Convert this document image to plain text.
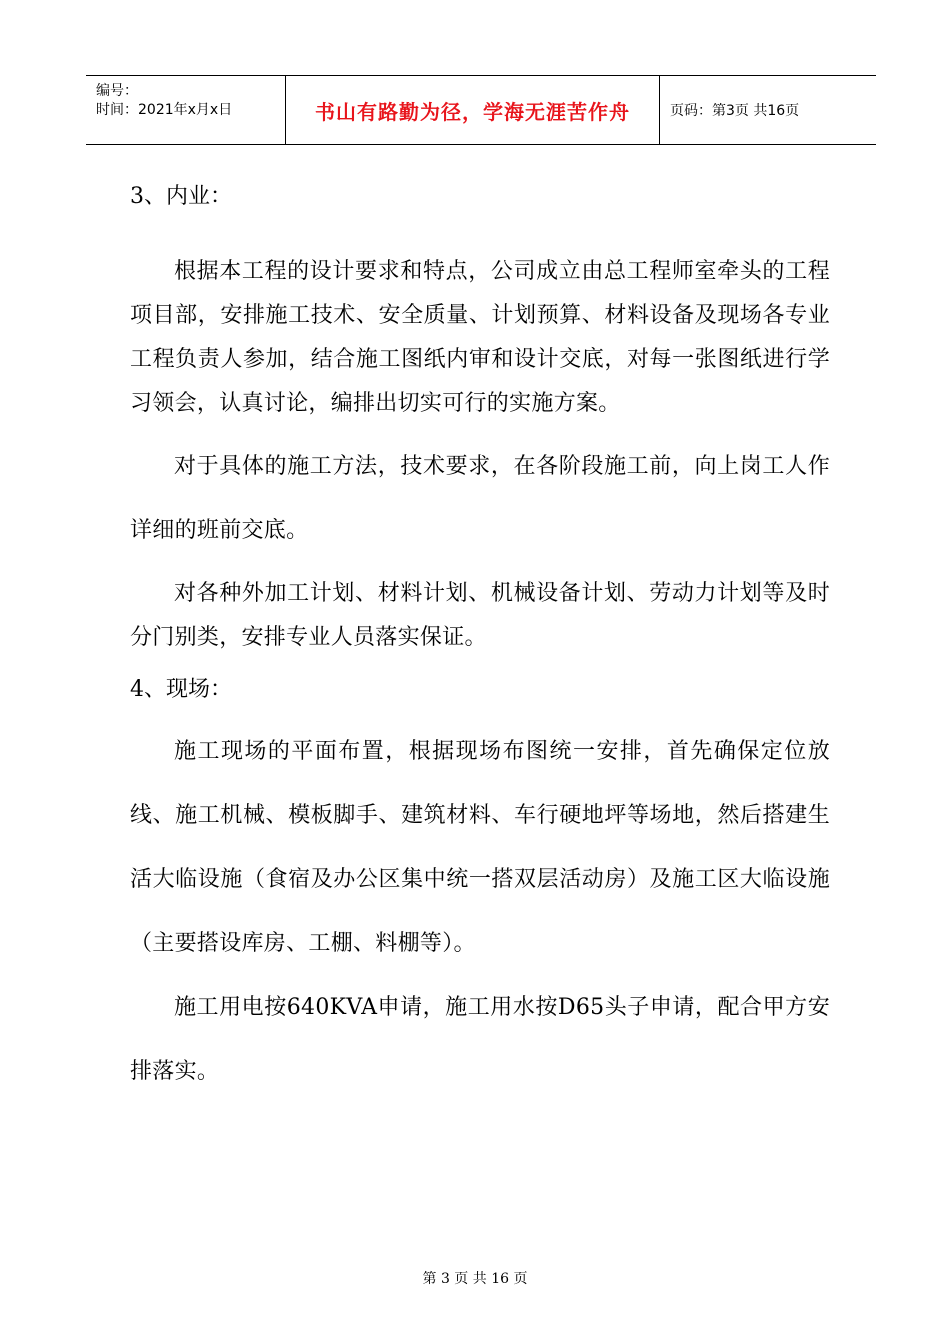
编号：
时间：2021年x月x日	书山有路勤为径，学海无涯苦作舟	页码：第3页 共16页

3、内业：

根据本工程的设计要求和特点，公司成立由总工程师室牵头的工程项目部，安排施工技术、安全质量、计划预算、材料设备及现场各专业工程负责人参加，结合施工图纸内审和设计交底，对每一张图纸进行学习领会，认真讨论，编排出切实可行的实施方案。

对于具体的施工方法，技术要求，在各阶段施工前，向上岗工人作详细的班前交底。

对各种外加工计划、材料计划、机械设备计划、劳动力计划等及时分门别类，安排专业人员落实保证。

4、现场：

施工现场的平面布置，根据现场布图统一安排，首先确保定位放线、施工机械、模板脚手、建筑材料、车行硬地坪等场地，然后搭建生活大临设施（食宿及办公区集中统一搭双层活动房）及施工区大临设施（主要搭设库房、工棚、料棚等）。

施工用电按640KVA申请，施工用水按D65头子申请，配合甲方安排落实。

第 3 页 共 16 页
